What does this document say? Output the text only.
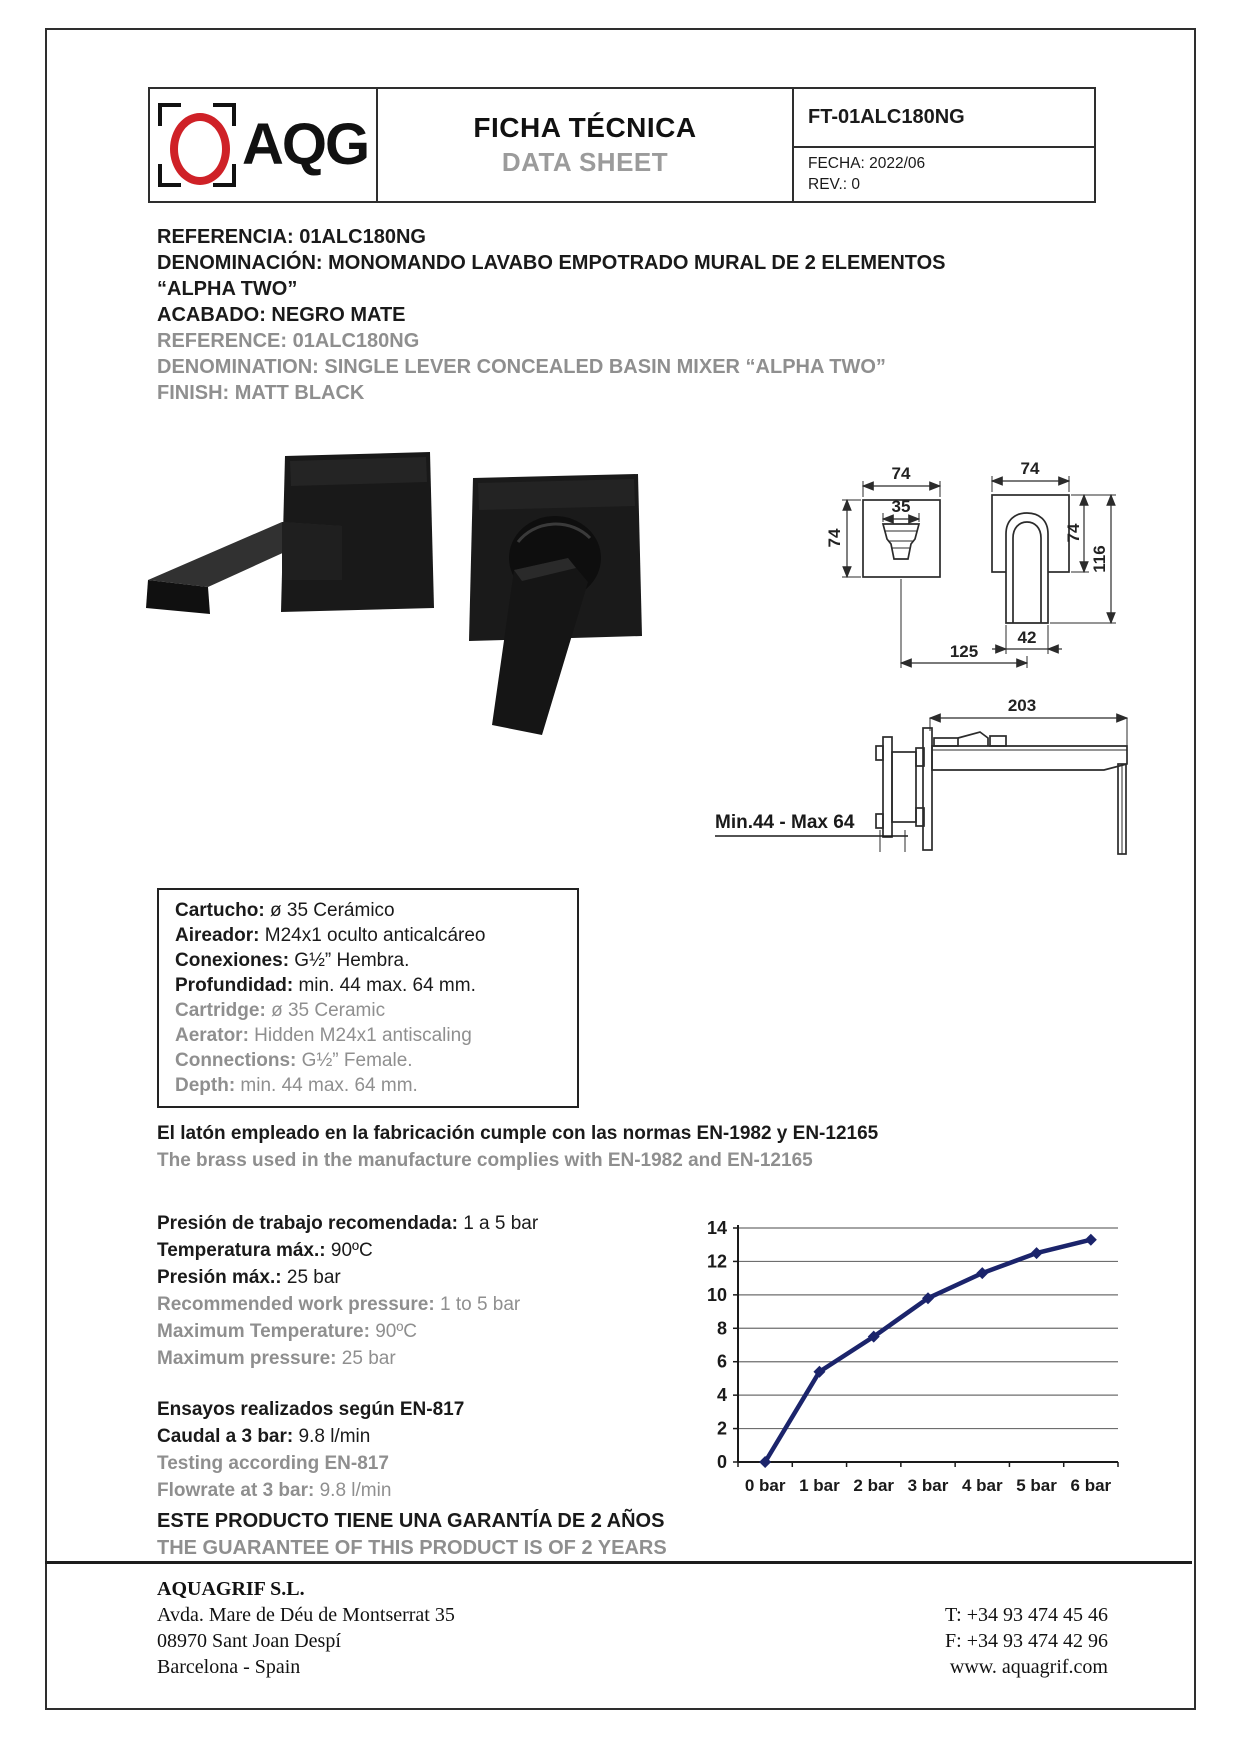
AQG	FICHA TÉCNICA
DATA SHEET
FT-01ALC180NG
FECHA: 2022/06
REV.: 0
REFERENCIA: 01ALC180NG
DENOMINACIÓN: MONOMANDO LAVABO EMPOTRADO MURAL DE 2 ELEMENTOS
“ALPHA TWO”
ACABADO: NEGRO MATE
REFERENCE: 01ALC180NG
DENOMINATION: SINGLE LEVER CONCEALED BASIN MIXER “ALPHA TWO”
FINISH: MATT BLACK
74
35
74
74
74
116
42
125
203
Min.44 - Max 64
Cartucho: ø 35 Cerámico
Aireador: M24x1 oculto anticalcáreo
Conexiones: G½” Hembra.
Profundidad: min. 44 max. 64 mm.
Cartridge: ø 35 Ceramic
Aerator: Hidden M24x1 antiscaling
Connections: G½” Female.
Depth: min. 44 max. 64 mm.
El latón empleado en la fabricación cumple con las normas EN-1982 y EN-12165
The brass used in the manufacture complies with EN-1982 and EN-12165
Presión de trabajo recomendada: 1 a 5 bar
Temperatura máx.: 90ºC
Presión máx.: 25 bar
Recommended work pressure: 1 to 5 bar
Maximum Temperature: 90ºC
Maximum pressure: 25 bar
Ensayos realizados según EN-817
Caudal a 3 bar: 9.8 l/min
Testing according EN-817
Flowrate at 3 bar: 9.8 l/min
0
2
4
6
8
10
12
14
0 bar 1 bar 2 bar 3 bar 4 bar 5 bar 6 bar
ESTE PRODUCTO TIENE UNA GARANTÍA DE 2 AÑOS
THE GUARANTEE OF THIS PRODUCT IS OF 2 YEARS
AQUAGRIF S.L.
Avda. Mare de Déu de Montserrat 35
08970 Sant Joan Despí
Barcelona - Spain
T: +34 93 474 45 46
F: +34 93 474 42 96
www. aquagrif.com
